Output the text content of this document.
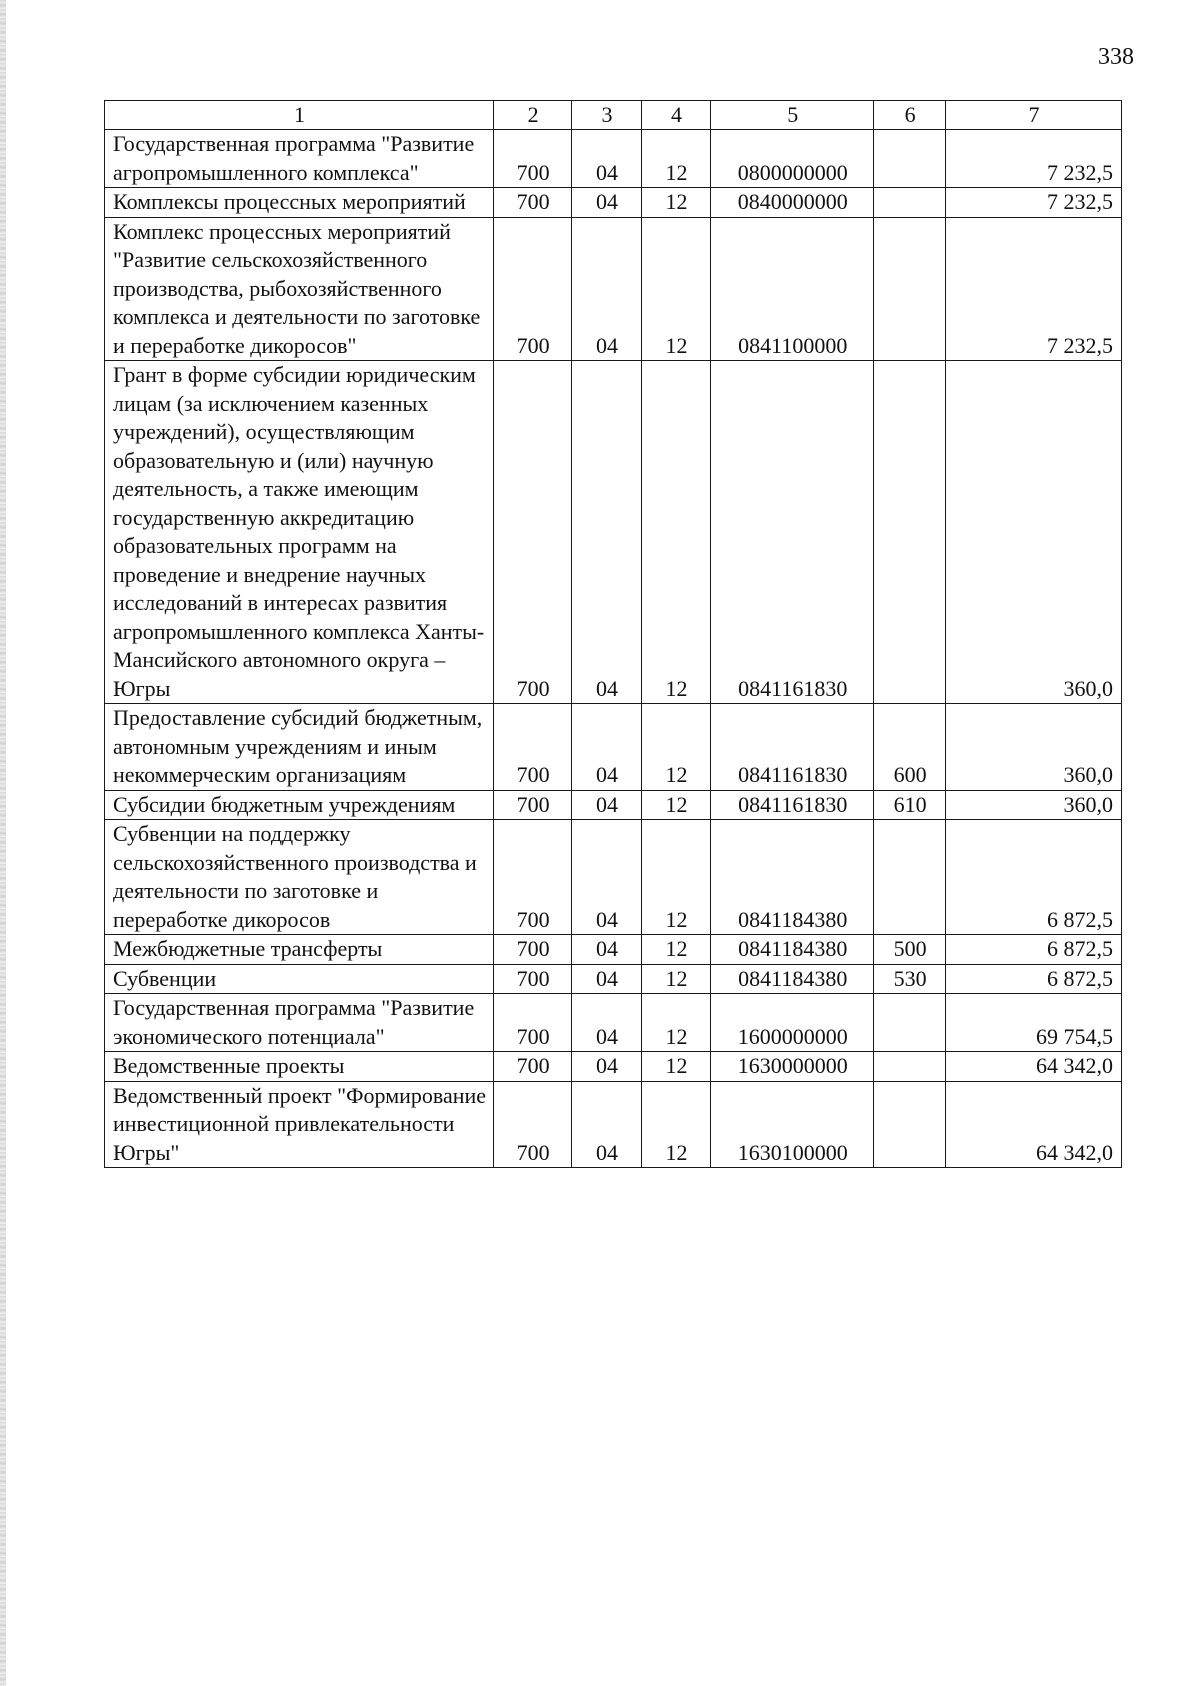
338
1	2	3	4	5	6	7
Государственная программа "Развитие агропромышленного комплекса"	700	04	12	0800000000		7 232,5
Комплексы процессных мероприятий	700	04	12	0840000000		7 232,5
Комплекс процессных мероприятий "Развитие сельскохозяйственного производства, рыбохозяйственного комплекса и деятельности по заготовке и переработке дикоросов"	700	04	12	0841100000		7 232,5
Грант в форме субсидии юридическим лицам (за исключением казенных учреждений), осуществляющим образовательную и (или) научную деятельность, а также имеющим государственную аккредитацию образовательных программ на проведение и внедрение научных исследований в интересах развития агропромышленного комплекса Ханты-Мансийского автономного округа – Югры	700	04	12	0841161830		360,0
Предоставление субсидий бюджетным, автономным учреждениям и иным некоммерческим организациям	700	04	12	0841161830	600	360,0
Субсидии бюджетным учреждениям	700	04	12	0841161830	610	360,0
Субвенции на поддержку сельскохозяйственного производства и деятельности по заготовке и переработке дикоросов	700	04	12	0841184380		6 872,5
Межбюджетные трансферты	700	04	12	0841184380	500	6 872,5
Субвенции	700	04	12	0841184380	530	6 872,5
Государственная программа "Развитие экономического потенциала"	700	04	12	1600000000		69 754,5
Ведомственные проекты	700	04	12	1630000000		64 342,0
Ведомственный проект "Формирование инвестиционной привлекательности Югры"	700	04	12	1630100000		64 342,0
